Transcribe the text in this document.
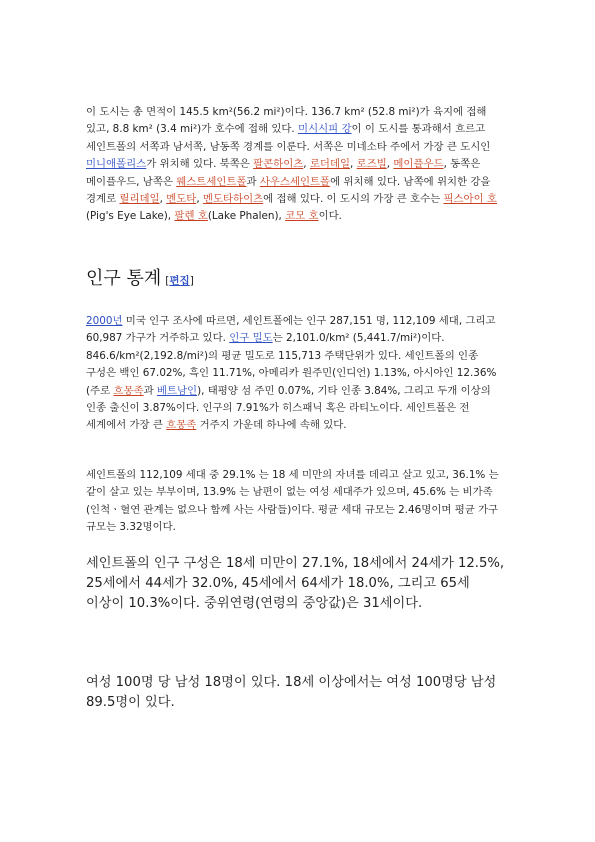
이 도시는 총 면적이 145.5 km²(56.2 mi²)이다. 136.7 km² (52.8 mi²)가 육지에 접해 있고, 8.8 km² (3.4 mi²)가 호수에 접해 있다. 미시시피 강이 이 도시를 통과해서 흐르고 세인트폴의 서쪽과 남서쪽, 남동쪽 경계를 이룬다. 서쪽은 미네소타 주에서 가장 큰 도시인 미니애폴리스가 위치해 있다. 북쪽은 팔콘하이츠, 로더데일, 로즈빌, 메이플우드, 동쪽은 메이플우드, 남쪽은 웨스트세인트폴과 사우스세인트폴에 위치해 있다. 남쪽에 위치한 강을 경계로 릴리데일, 멘도타, 멘도타하이츠에 접해 있다. 이 도시의 가장 큰 호수는 픽스아이 호(Pig's Eye Lake), 팔렌 호(Lake Phalen), 코모 호이다.

인구 통계 [편집]

2000년 미국 인구 조사에 따르면, 세인트폴에는 인구 287,151 명, 112,109 세대, 그리고 60,987 가구가 거주하고 있다. 인구 밀도는 2,101.0/km² (5,441.7/mi²)이다. 846.6/km²(2,192.8/mi²)의 평균 밀도로 115,713 주택단위가 있다. 세인트폴의 인종 구성은 백인 67.02%, 흑인 11.71%, 아메리카 원주민(인디언) 1.13%, 아시아인 12.36%(주로 흐몽족과 베트남인), 태평양 섬 주민 0.07%, 기타 인종 3.84%, 그리고 두개 이상의 인종 출신이 3.87%이다. 인구의 7.91%가 히스패닉 혹은 라티노이다. 세인트폴은 전 세계에서 가장 큰 흐몽족 거주지 가운데 하나에 속해 있다.

세인트폴의 112,109 세대 중 29.1% 는 18 세 미만의 자녀를 데리고 살고 있고, 36.1% 는 같이 살고 있는 부부이며, 13.9% 는 남편이 없는 여성 세대주가 있으며, 45.6% 는 비가족(인척ㆍ혈연 관계는 없으나 함께 사는 사람들)이다. 평균 세대 규모는 2.46명이며 평균 가구 규모는 3.32명이다.

세인트폴의 인구 구성은 18세 미만이 27.1%, 18세에서 24세가 12.5%, 25세에서 44세가 32.0%, 45세에서 64세가 18.0%, 그리고 65세 이상이 10.3%이다. 중위연령(연령의 중앙값)은 31세이다.

여성 100명 당 남성 18명이 있다. 18세 이상에서는 여성 100명당 남성 89.5명이 있다.
